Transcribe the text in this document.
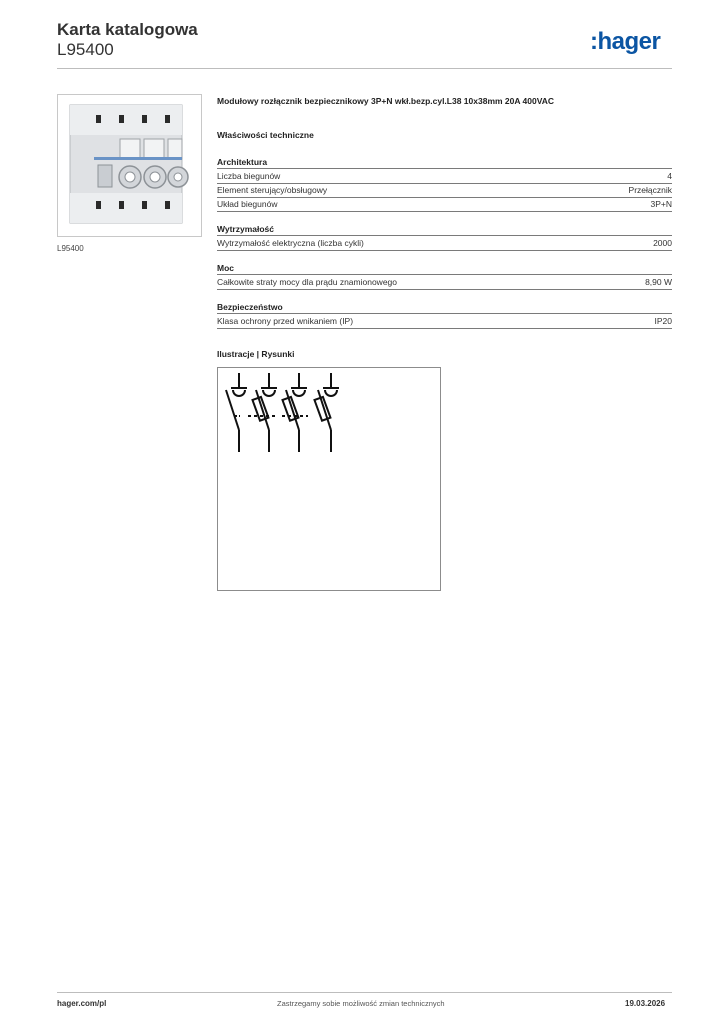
Karta katalogowa
L95400	:hager
L95400
Modułowy rozłącznik bezpiecznikowy 3P+N wkł.bezp.cyl.L38 10x38mm 20A 400VAC
Właściwości techniczne
Architektura
Liczba biegunów	4
Element sterujący/obsługowy	Przełącznik
Układ biegunów	3P+N
Wytrzymałość
Wytrzymałość elektryczna (liczba cykli)	2000
Moc
Całkowite straty mocy dla prądu znamionowego	8,90 W
Bezpieczeństwo
Klasa ochrony przed wnikaniem (IP)	IP20
Ilustracje | Rysunki
hager.com/pl	Zastrzegamy sobie możliwość zmian technicznych	19.03.2026
